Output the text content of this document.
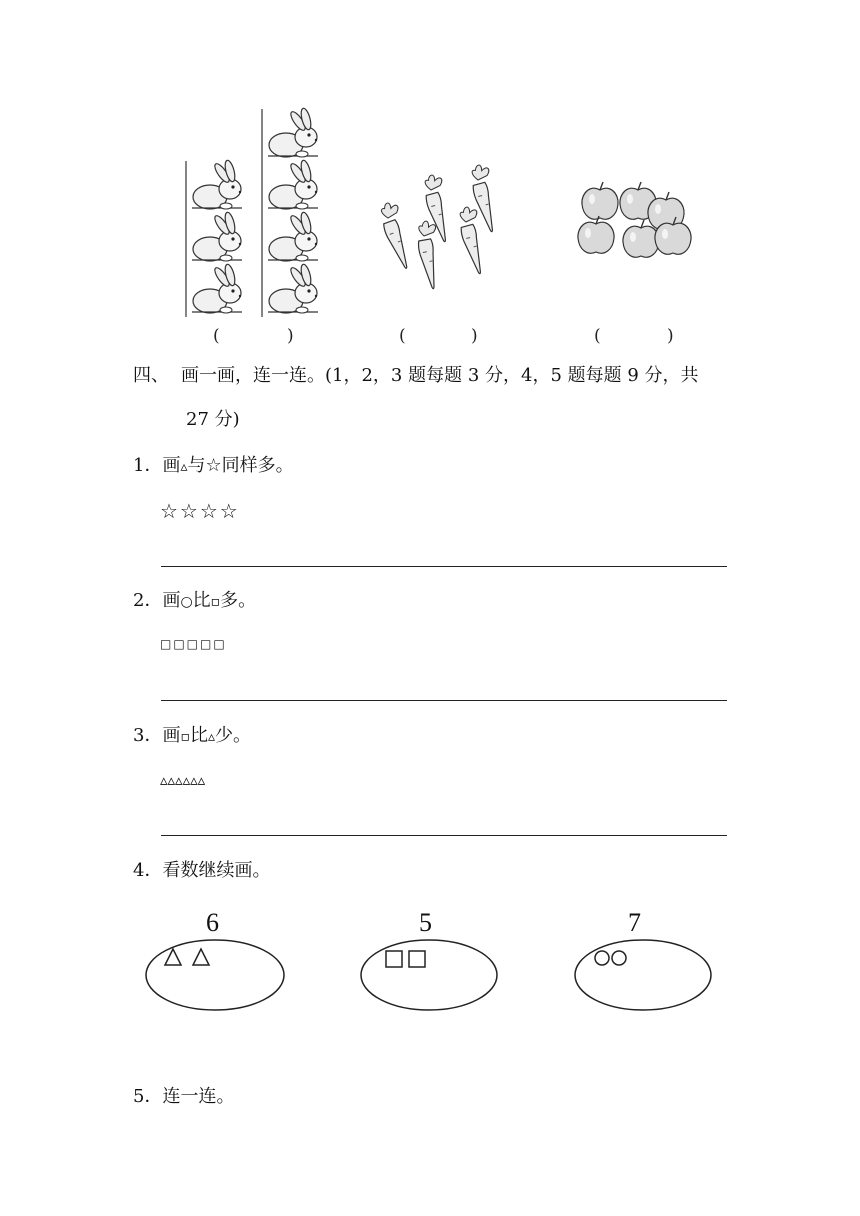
(	)	(	)	(	)
四、 画一画，连一连。(1，2，3 题每题 3 分，4，5 题每题 9 分，共
27 分)
1．画▵与☆同样多。
☆☆☆☆
2．画○比▫多。
□□□□□
3．画▫比▵少。
▵▵▵▵▵▵
4．看数继续画。
6	5	7
5．连一连。
